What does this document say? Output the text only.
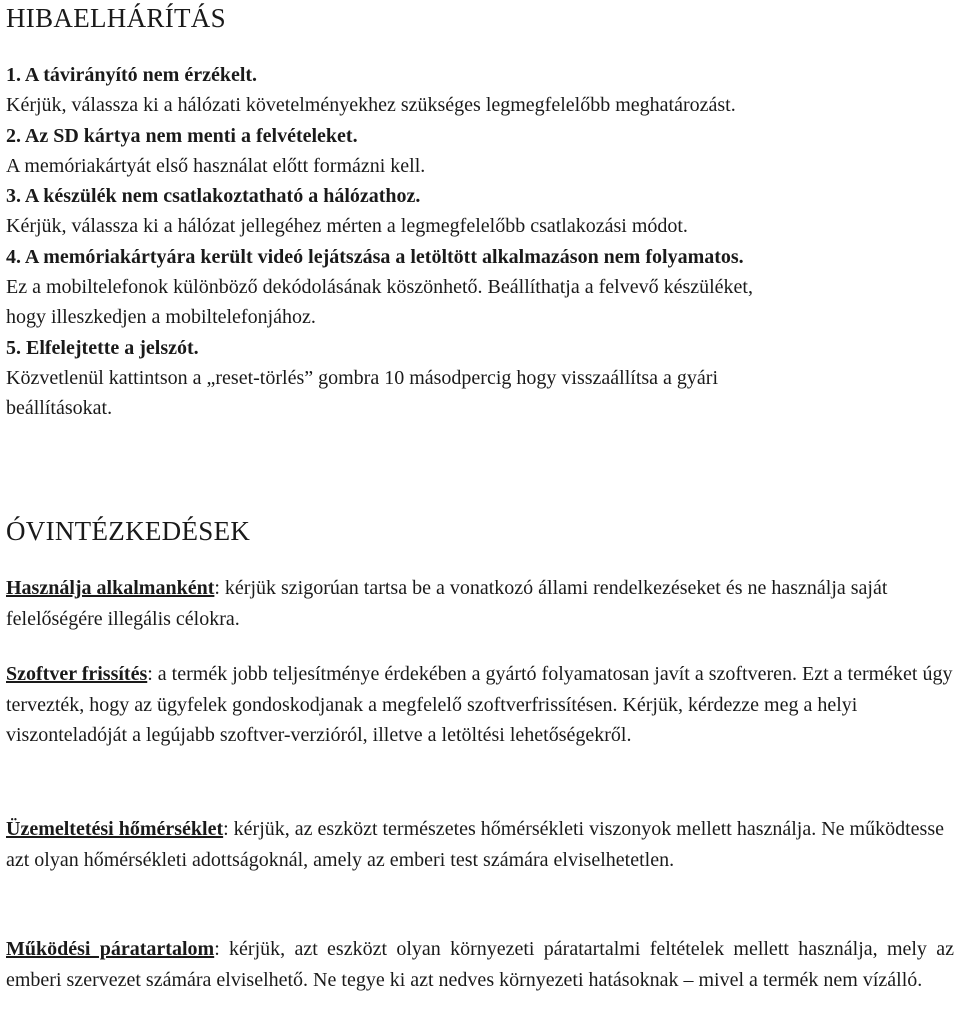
HIBAELHÁRÍTÁS
1. A távirányító nem érzékelt.
Kérjük, válassza ki a hálózati követelményekhez szükséges legmegfelelőbb meghatározást.
2. Az SD kártya nem menti a felvételeket.
A memóriakártyát első használat előtt formázni kell.
3. A készülék nem csatlakoztatható a hálózathoz.
Kérjük, válassza ki a hálózat jellegéhez mérten a legmegfelelőbb csatlakozási módot.
4. A memóriakártyára került videó lejátszása a letöltött alkalmazáson nem folyamatos.
Ez a mobiltelefonok különböző dekódolásának köszönhető. Beállíthatja a felvevő készüléket,
hogy illeszkedjen a mobiltelefonjához.
5. Elfelejtette a jelszót.
Közvetlenül kattintson a „reset-törlés” gombra 10 másodpercig hogy visszaállítsa a gyári
beállításokat.
ÓVINTÉZKEDÉSEK
Használja alkalmanként: kérjük szigorúan tartsa be a vonatkozó állami rendelkezéseket és ne használja saját felelőségére illegális célokra.
Szoftver frissítés: a termék jobb teljesítménye érdekében a gyártó folyamatosan javít a szoftveren. Ezt a terméket úgy tervezték, hogy az ügyfelek gondoskodjanak a megfelelő szoftverfrissítésen. Kérjük, kérdezze meg a helyi viszonteladóját a legújabb szoftver-verzióról, illetve a letöltési lehetőségekről.
Üzemeltetési hőmérséklet: kérjük, az eszközt természetes hőmérsékleti viszonyok mellett használja. Ne működtesse azt olyan hőmérsékleti adottságoknál, amely az emberi test számára elviselhetetlen.
Működési páratartalom: kérjük, azt eszközt olyan környezeti páratartalmi feltételek mellett használja, mely az emberi szervezet számára elviselhető. Ne tegye ki azt nedves környezeti hatásoknak – mivel a termék nem vízálló.
